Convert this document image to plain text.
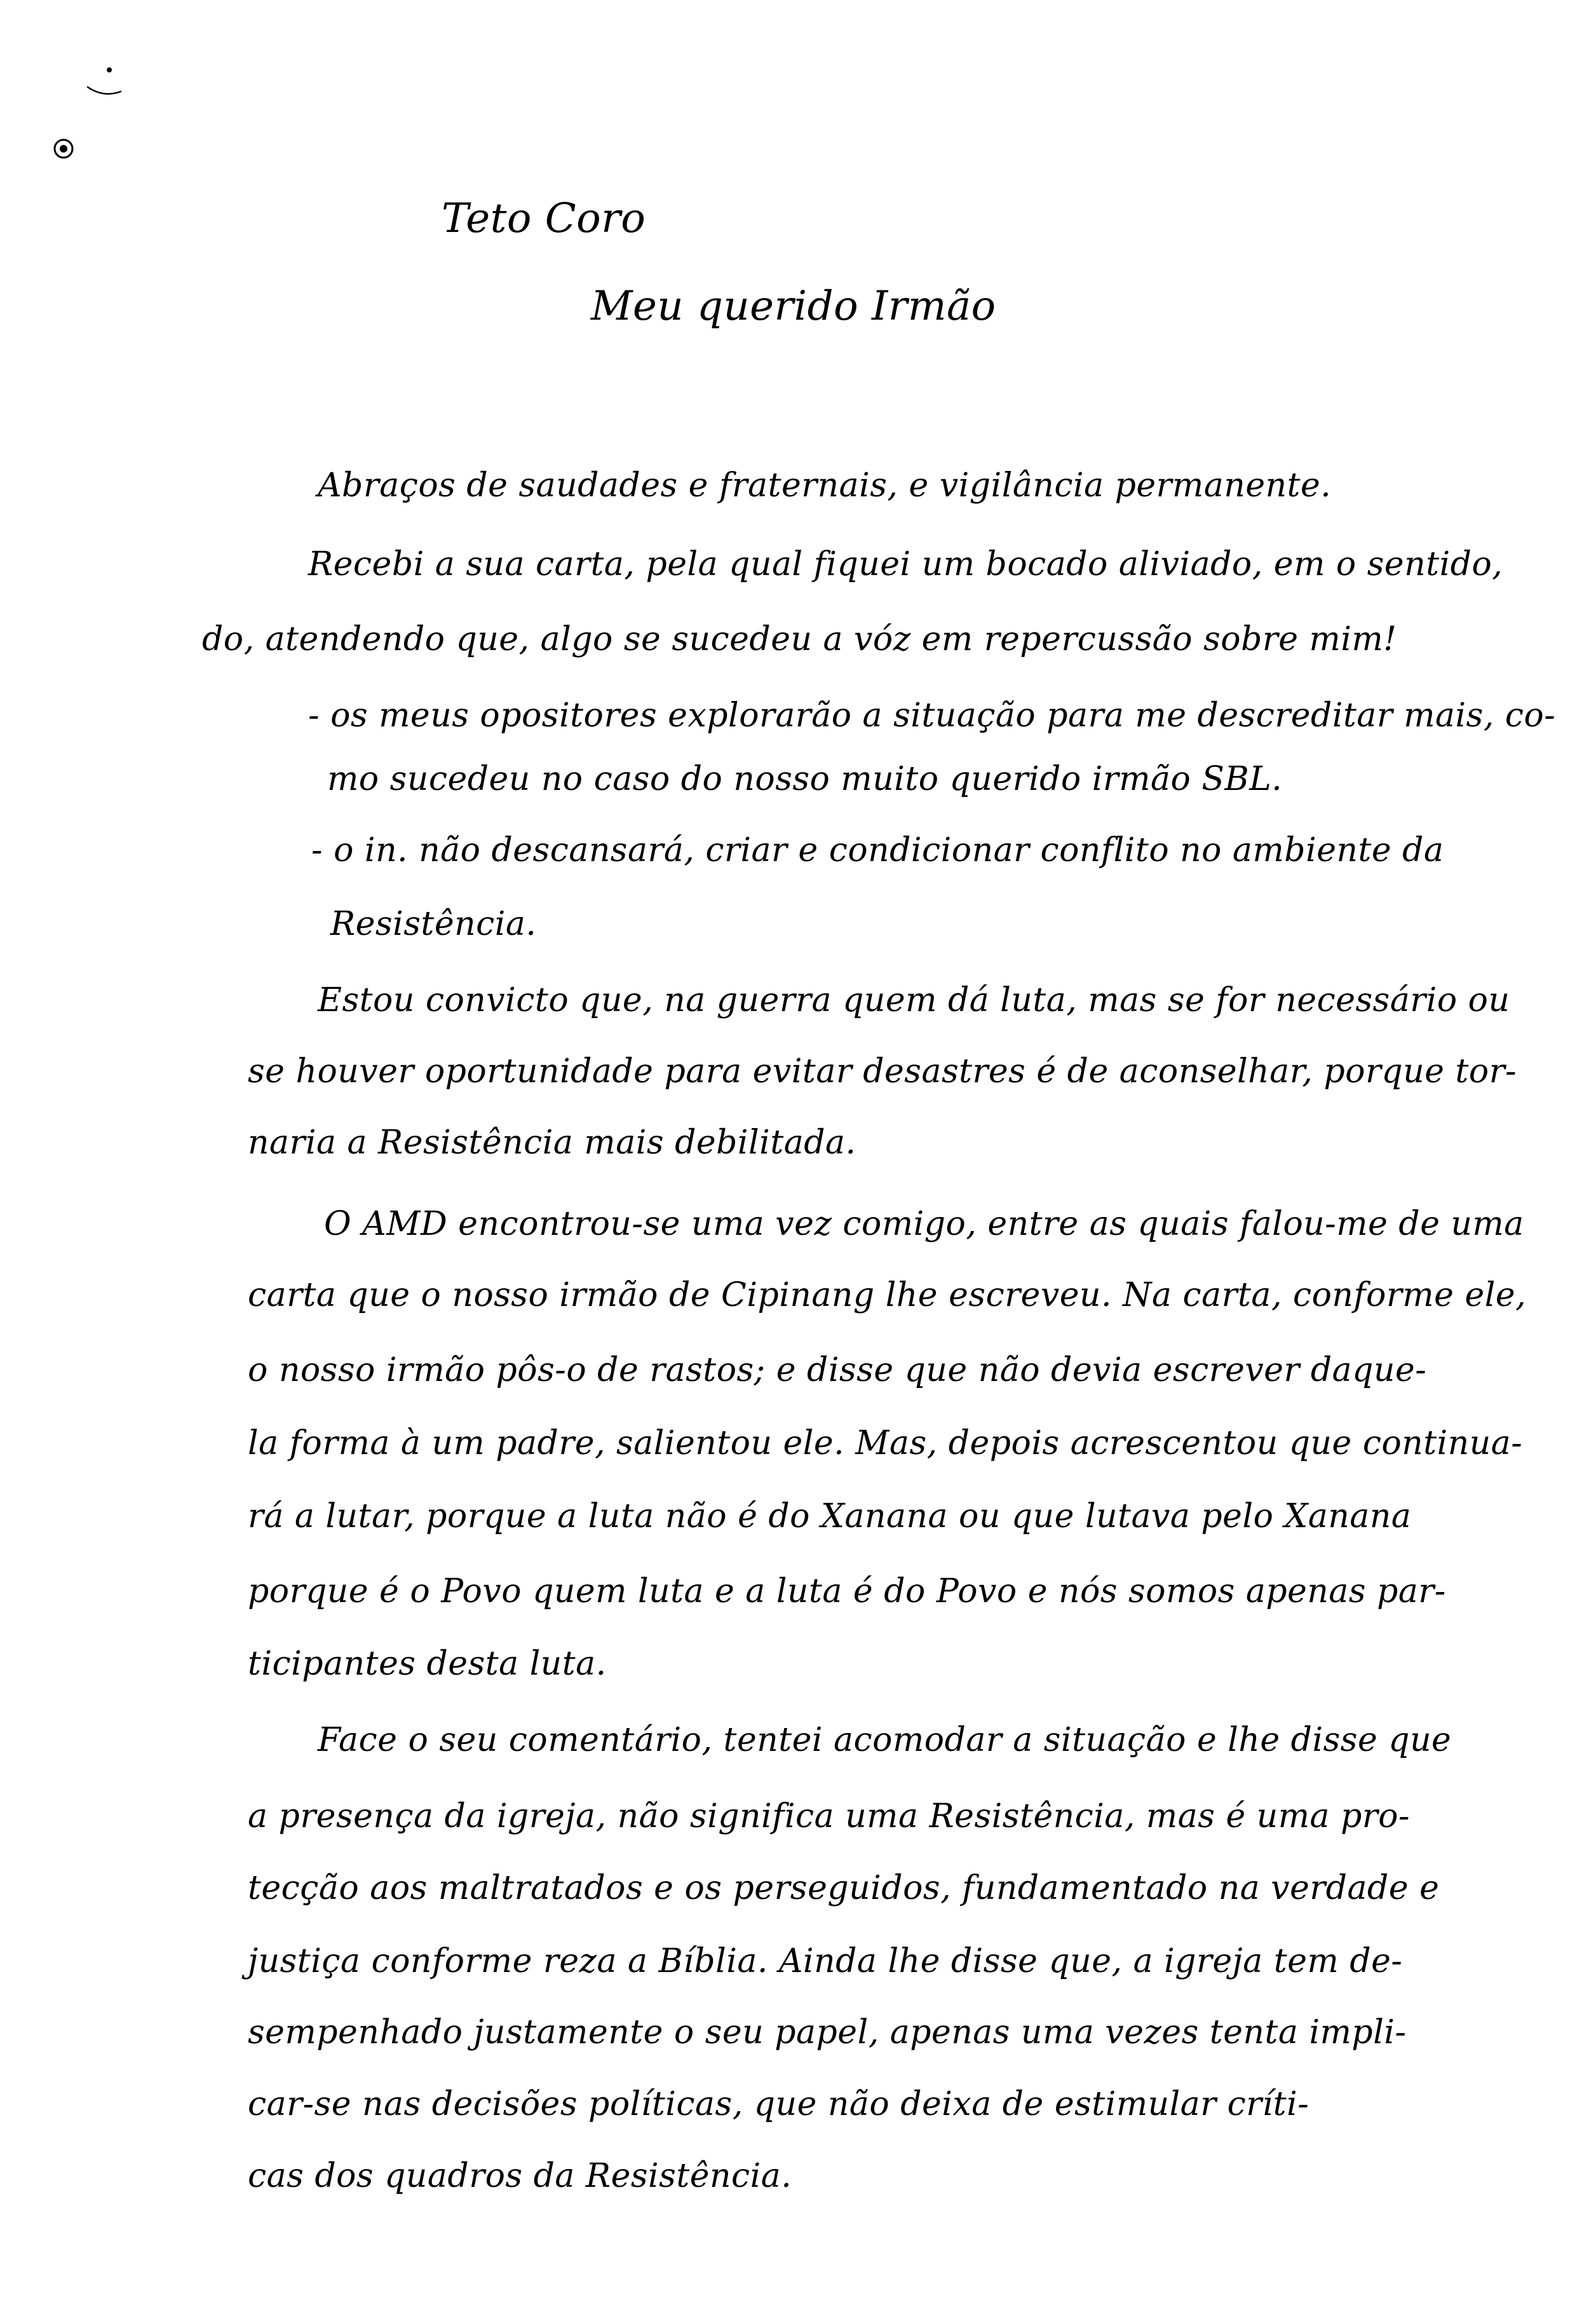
Teto Coro
Meu querido Irmão
Abraços de saudades e fraternais, e vigilância permanente.
Recebi a sua carta, pela qual fiquei um bocado aliviado, em o sentido,
do, atendendo que, algo se sucedeu a vóz em repercussão sobre mim!
- os meus opositores explorarão a situação para me descreditar mais, co-
mo sucedeu no caso do nosso muito querido irmão SBL.
- o in. não descansará, criar e condicionar conflito no ambiente da
Resistência.
Estou convicto que, na guerra quem dá luta, mas se for necessário ou
se houver oportunidade para evitar desastres é de aconselhar, porque tor-
naria a Resistência mais debilitada.
O AMD encontrou-se uma vez comigo, entre as quais falou-me de uma
carta que o nosso irmão de Cipinang lhe escreveu. Na carta, conforme ele,
o nosso irmão pôs-o de rastos; e disse que não devia escrever daque-
la forma à um padre, salientou ele. Mas, depois acrescentou que continua-
rá a lutar, porque a luta não é do Xanana ou que lutava pelo Xanana
porque é o Povo quem luta e a luta é do Povo e nós somos apenas par-
ticipantes desta luta.
Face o seu comentário, tentei acomodar a situação e lhe disse que
a presença da igreja, não significa uma Resistência, mas é uma pro-
tecção aos maltratados e os perseguidos, fundamentado na verdade e
justiça conforme reza a Bíblia. Ainda lhe disse que, a igreja tem de-
sempenhado justamente o seu papel, apenas uma vezes tenta impli-
car-se nas decisões políticas, que não deixa de estimular críti-
cas dos quadros da Resistência.
